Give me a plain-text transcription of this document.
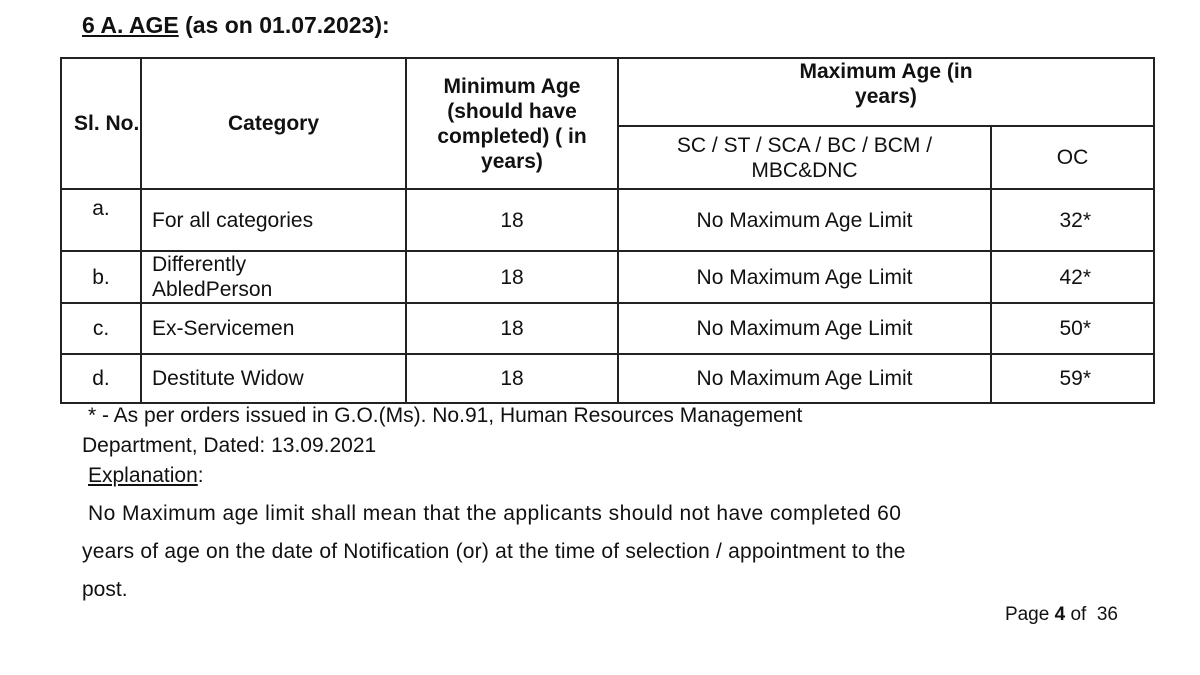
6 A. AGE (as on 01.07.2023):
Sl. No.	Category	Minimum Age (should have completed) ( in years)	Maximum Age (in years)	
			SC / ST / SCA / BC / BCM / MBC&DNC	OC
a.	For all categories	18	No Maximum Age Limit	32*
b.	Differently AbledPerson	18	No Maximum Age Limit	42*
c.	Ex-Servicemen	18	No Maximum Age Limit	50*
d.	Destitute Widow	18	No Maximum Age Limit	59*
* - As per orders issued in G.O.(Ms). No.91, Human Resources Management
Department, Dated: 13.09.2021
Explanation:
No Maximum age limit shall mean that the applicants should not have completed 60
years of age on the date of Notification (or) at the time of selection / appointment to the
post.
Page 4 of  36
